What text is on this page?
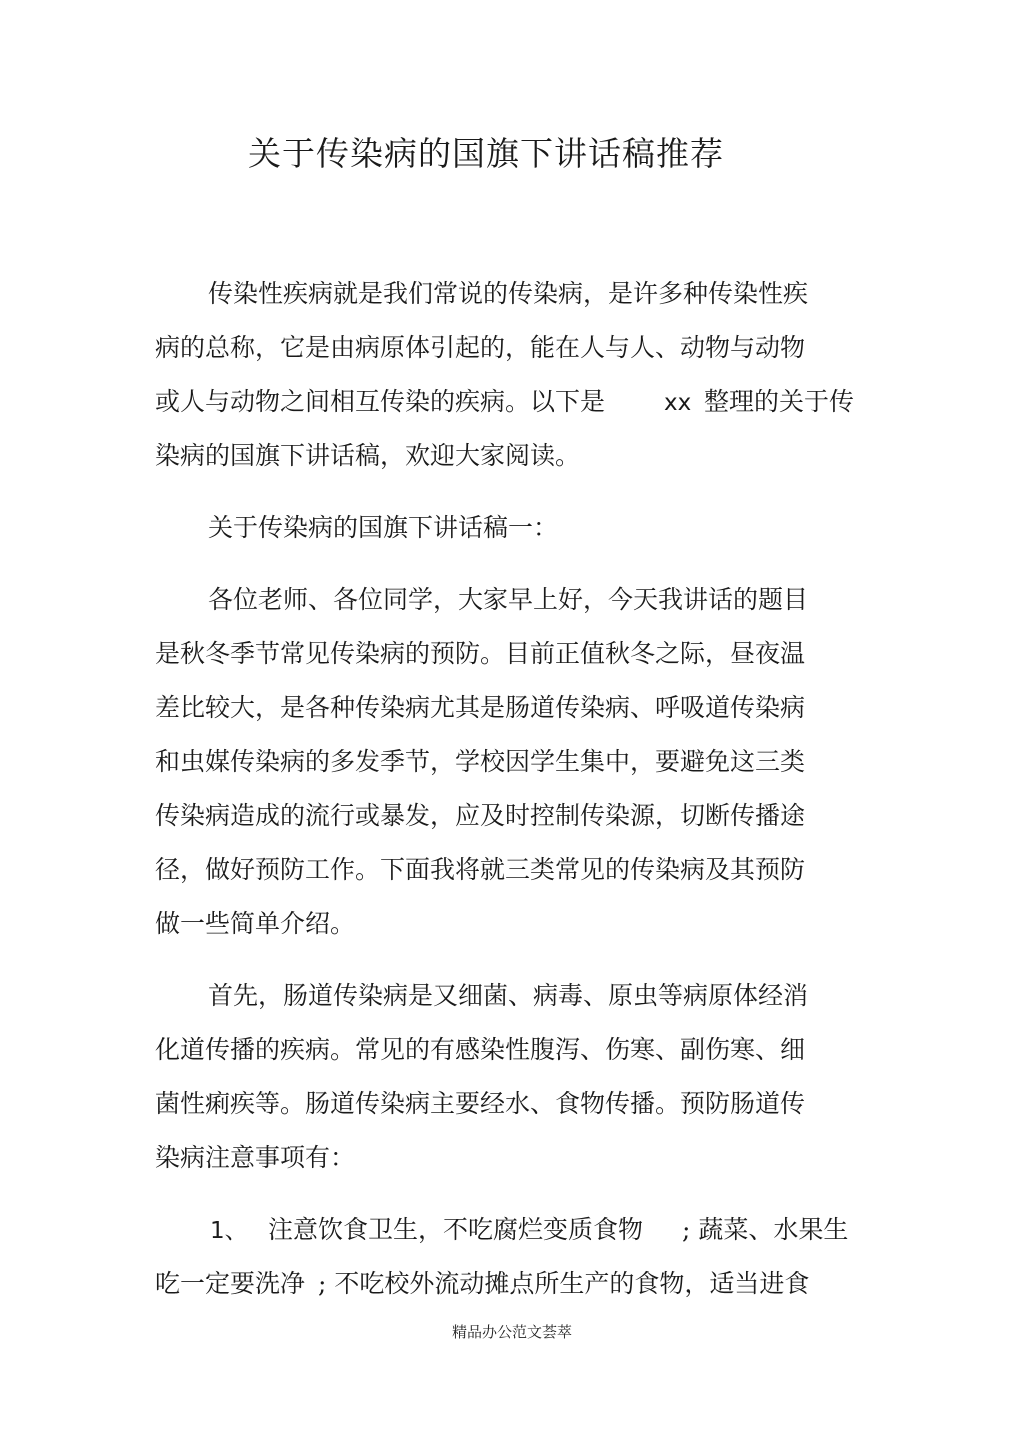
关于传染病的国旗下讲话稿推荐

传染性疾病就是我们常说的传染病，是许多种传染性疾

病的总称，它是由病原体引起的，能在人与人、动物与动物

或人与动物之间相互传染的疾病。以下是	xx 整理的关于传

染病的国旗下讲话稿，欢迎大家阅读。

关于传染病的国旗下讲话稿一：

各位老师、各位同学，大家早上好，今天我讲话的题目

是秋冬季节常见传染病的预防。目前正值秋冬之际，昼夜温

差比较大，是各种传染病尤其是肠道传染病、呼吸道传染病

和虫媒传染病的多发季节，学校因学生集中，要避免这三类

传染病造成的流行或暴发，应及时控制传染源，切断传播途

径，做好预防工作。下面我将就三类常见的传染病及其预防

做一些简单介绍。

首先，肠道传染病是又细菌、病毒、原虫等病原体经消

化道传播的疾病。常见的有感染性腹泻、伤寒、副伤寒、细

菌性痢疾等。肠道传染病主要经水、食物传播。预防肠道传

染病注意事项有：

1、 注意饮食卫生，不吃腐烂变质食物 ; 蔬菜、水果生
吃一定要洗净 ; 不吃校外流动摊点所生产的食物，适当进食
精品办公范文荟萃
